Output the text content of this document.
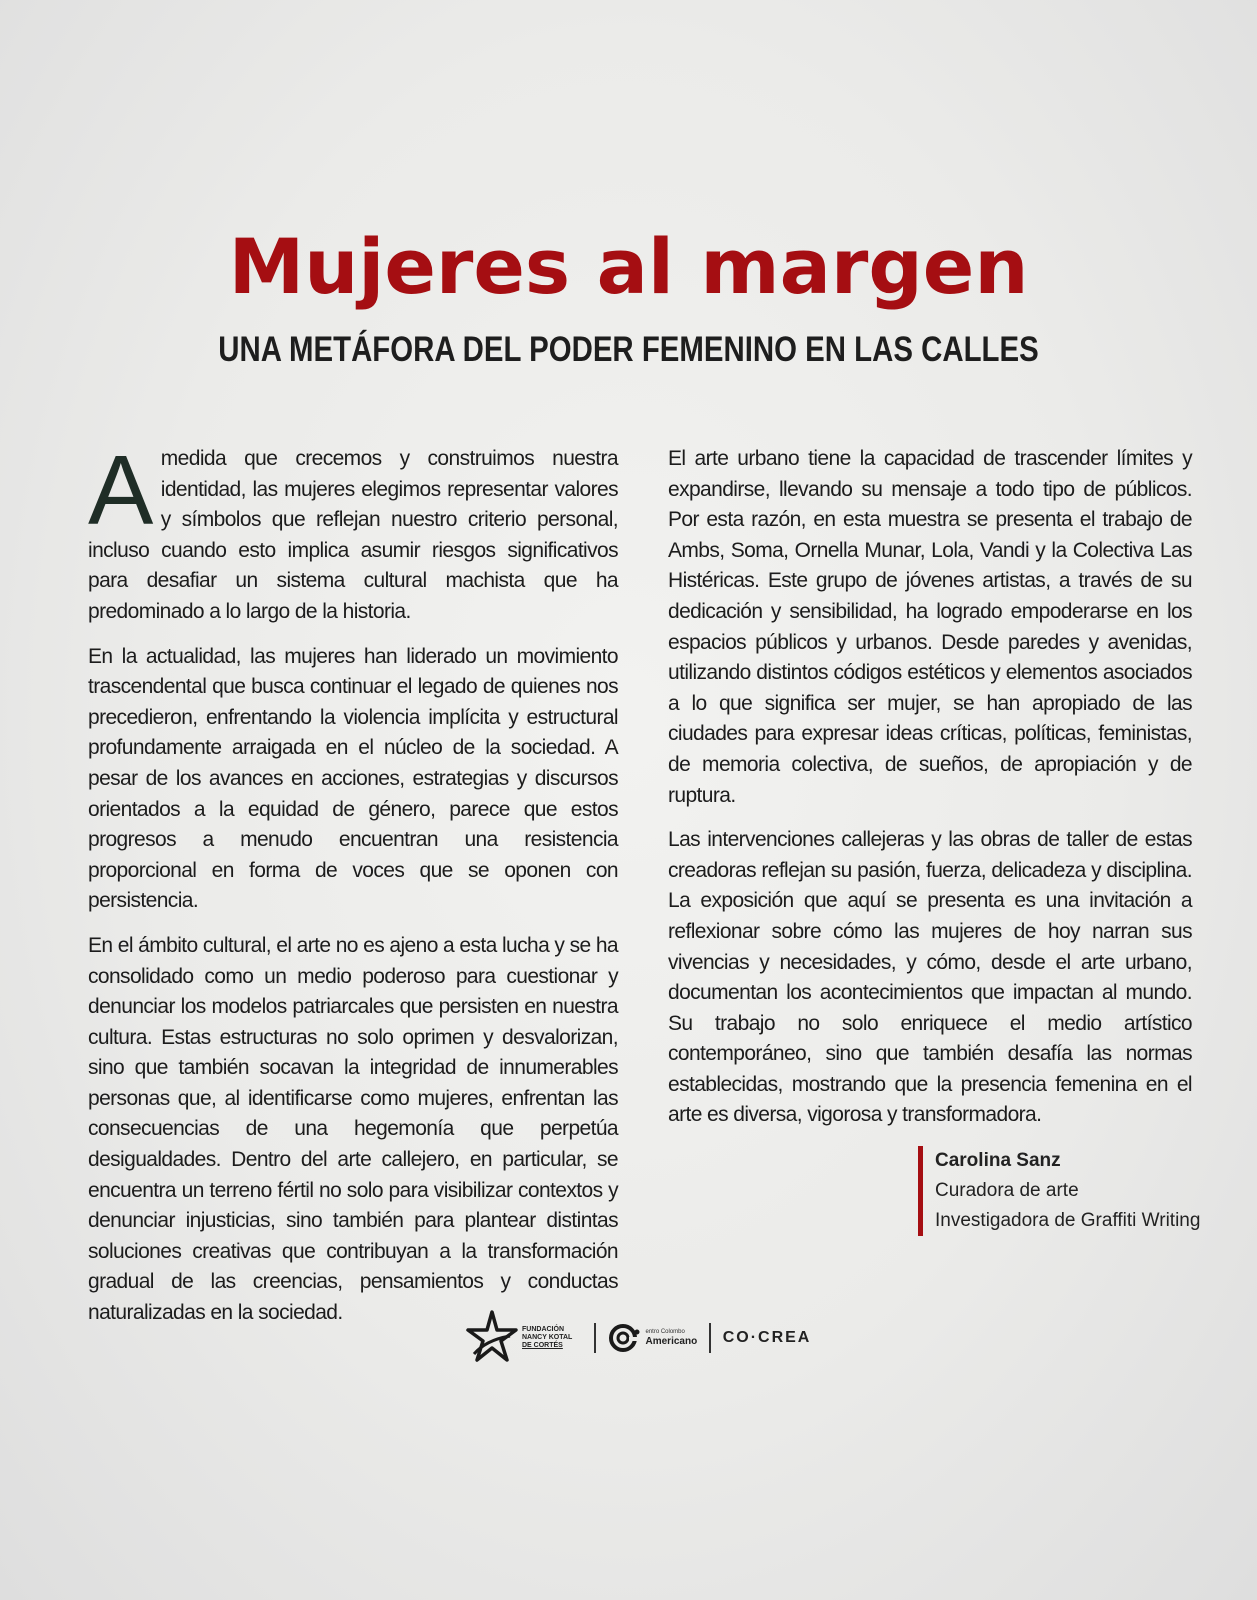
Mujeres al margen
UNA METÁFORA DEL PODER FEMENINO EN LAS CALLES

Amedida que crecemos y construimos nuestra identidad, las mujeres elegimos representar valores y símbolos que reflejan nuestro criterio personal, incluso cuando esto implica asumir riesgos significativos para desafiar un sistema cultural machista que ha predominado a lo largo de la historia.

En la actualidad, las mujeres han liderado un movimiento trascendental que busca continuar el legado de quienes nos precedieron, enfrentando la violencia implícita y estructural profundamente arraigada en el núcleo de la sociedad. A pesar de los avances en acciones, estrategias y discursos orientados a la equidad de género, parece que estos progresos a menudo encuentran una resistencia proporcional en forma de voces que se oponen con persistencia.

En el ámbito cultural, el arte no es ajeno a esta lucha y se ha consolidado como un medio poderoso para cuestionar y denunciar los modelos patriarcales que persisten en nuestra cultura. Estas estructuras no solo oprimen y desvalorizan, sino que también socavan la integridad de innumerables personas que, al identificarse como mujeres, enfrentan las consecuencias de una hegemonía que perpetúa desigualdades. Dentro del arte callejero, en particular, se encuentra un terreno fértil no solo para visibilizar contextos y denunciar injusticias, sino también para plantear distintas soluciones creativas que contribuyan a la transformación gradual de las creencias, pensamientos y conductas naturalizadas en la sociedad.

El arte urbano tiene la capacidad de trascender límites y expandirse, llevando su mensaje a todo tipo de públicos. Por esta razón, en esta muestra se presenta el trabajo de Ambs, Soma, Ornella Munar, Lola, Vandi y la Colectiva Las Histéricas. Este grupo de jóvenes artistas, a través de su dedicación y sensibilidad, ha logrado empoderarse en los espacios públicos y urbanos. Desde paredes y avenidas, utilizando distintos códigos estéticos y elementos asociados a lo que significa ser mujer, se han apropiado de las ciudades para expresar ideas críticas, políticas, feministas, de memoria colectiva, de sueños, de apropiación y de ruptura.

Las intervenciones callejeras y las obras de taller de estas creadoras reflejan su pasión, fuerza, delicadeza y disciplina. La exposición que aquí se presenta es una invitación a reflexionar sobre cómo las mujeres de hoy narran sus vivencias y necesidades, y cómo, desde el arte urbano, documentan los acontecimientos que impactan al mundo. Su trabajo no solo enriquece el medio artístico contemporáneo, sino que también desafía las normas establecidas, mostrando que la presencia femenina en el arte es diversa, vigorosa y transformadora.

Carolina Sanz
Curadora de arte
Investigadora de Graffiti Writing
FUNDACIÓN
NANCY KOTAL
DE CORTÉS
entro Colombo
Americano CO·CREA
